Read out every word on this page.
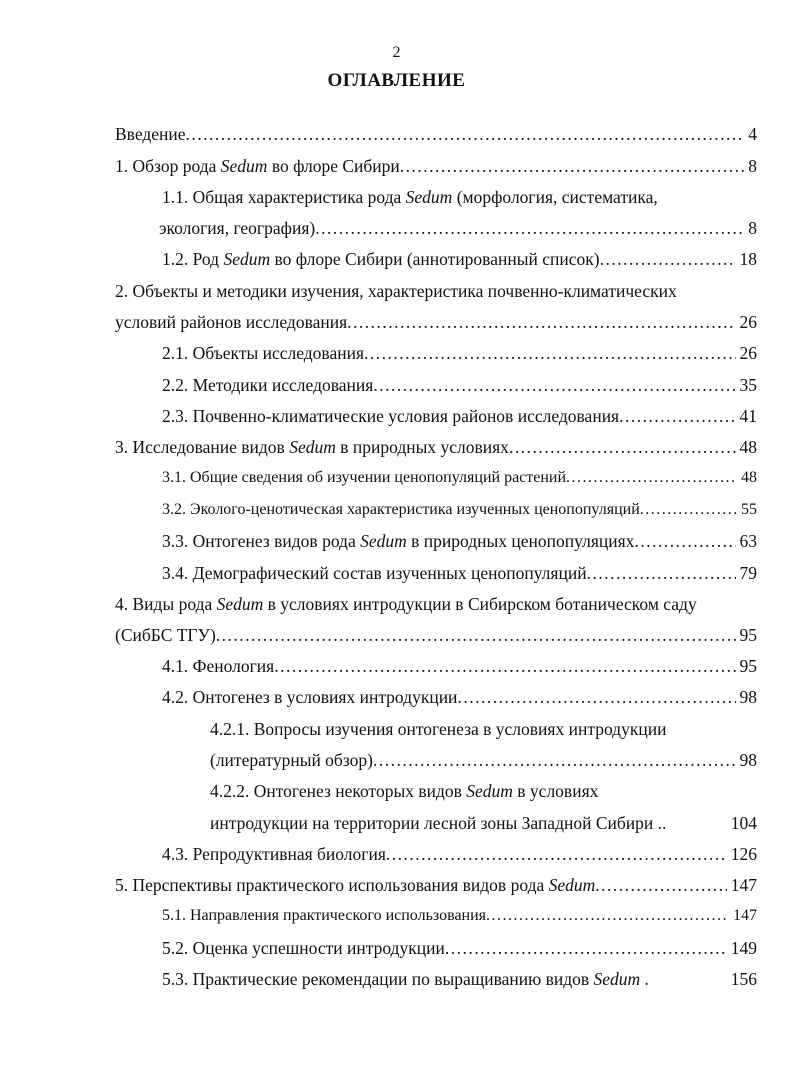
2
ОГЛАВЛЕНИЕ
Введение .....	4
1. Обзор рода Sedum во флоре Сибири .....	8
1.1. Общая характеристика рода Sedum (морфология, систематика,
экология, география) .....	8
1.2. Род Sedum во флоре Сибири (аннотированный список) .....	18
2. Объекты и методики изучения, характеристика почвенно-климатических
условий районов исследования .....	26
2.1. Объекты исследования .....	26
2.2. Методики исследования .....	35
2.3. Почвенно-климатические условия районов исследования .....	41
3. Исследование видов Sedum в природных условиях .....	48
3.1. Общие сведения об изучении ценопопуляций растений .....	48
3.2. Эколого-ценотическая характеристика изученных ценопопуляций .....	55
3.3. Онтогенез видов рода Sedum в природных ценопопуляциях .....	63
3.4. Демографический состав изученных ценопопуляций .....	79
4. Виды рода Sedum в условиях интродукции в Сибирском ботаническом саду
(СибБС ТГУ) .....	95
4.1. Фенология .....	95
4.2. Онтогенез в условиях интродукции .....	98
4.2.1. Вопросы изучения онтогенеза в условиях интродукции
(литературный обзор) .....	98
4.2.2. Онтогенез некоторых видов Sedum в условиях
интродукции на территории лесной зоны Западной Сибири ..	104
4.3. Репродуктивная биология .....	126
5. Перспективы практического использования видов рода Sedum .....	147
5.1. Направления практического использования .....	147
5.2. Оценка успешности интродукции .....	149
5.3. Практические рекомендации по выращиванию видов Sedum .	156
